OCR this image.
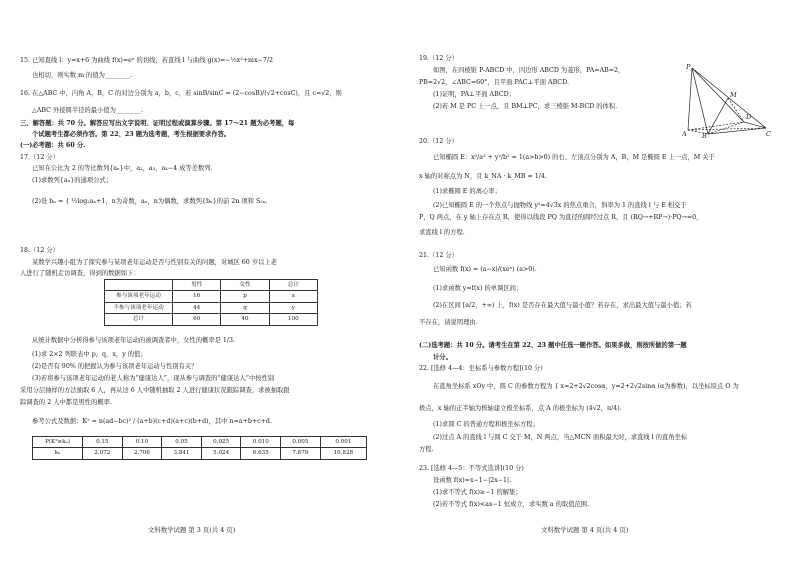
15. 已知直线 l：y=x+6 为曲线 f(x)=eˣ 的切线，若直线 l 与曲线 g(x)=−½x²+mx−7/2
也相切，则实数 m 的值为________.
16. 在△ABC 中，内角 A，B，C 的对边分别为 a，b，c，若 sinB/sinC = (2−cosB)/(√2+cosC)，且 c=√2，则
△ABC 外接圆半径的最小值为________.
三、解答题：共 70 分。解答应写出文字说明、证明过程或演算步骤。第 17～21 题为必考题，每
个试题考生都必须作答。第 22、23 题为选考题，考生根据要求作答。
(一)必考题：共 60 分.
17.（12 分）
已知在公比为 2 的等比数列{aₙ}中，a₂，a₃，a₄−4 成等差数列.
(1)求数列{aₙ}的通项公式；
(2)设 bₙ = { ½log₂aₙ+1，n为奇数，aₙ，n为偶数，求数列{bₙ}的前 2n 项和 S₂ₙ.
18.（12 分）
某数学兴趣小组为了探究参与某项老年运动是否与性别有关的问题，对城区 60 岁以上老
人进行了随机走访调查，得到的数据如下：
	男性	女性	总计
参与该项老年运动	16	p	x
不参与该项老年运动	44	q	y
总计	60	40	100
从统计数据中分析得参与该项老年运动的被调查者中，女性的概率是 1/3.
(1)求 2×2 列联表中 p，q，x，y 的值；
(2)是否有 90% 的把握认为参与该项老年运动与性别有关？
(3)若将参与该项老年运动的老人称为“健康达人”，现从参与调查的“健康达人”中按性别
采用分层抽样的方法抽取 6 人，再从这 6 人中随机抽取 2 人进行健康状况跟踪调查，求被抽取跟
踪调查的 2 人中都是男性的概率.
参考公式及数据：K² = n(ad−bc)² / (a+b)(c+d)(a+c)(b+d)，其中 n=a+b+c+d.
P(K²≥k₀)	0.15	0.10	0.05	0.025	0.010	0.005	0.001
k₀	2.072	2.706	3.841	5.024	6.635	7.879	10.828
文科数学试题 第 3 页(共 4 页)
19.（12 分）
如图，在四棱锥 P-ABCD 中，四边形 ABCD 为菱形，PA=AB=2，
PB=2√2，∠ABC=60°，且平面 PAC⊥平面 ABCD.
(1)证明，PA⊥平面 ABCD；
(2)若 M 是 PC 上一点，且 BM⊥PC，求三棱锥 M-BCD 的体积.
P
M
A
D
B	C
20.（12 分）
已知椭圆 E：x²/a² + y²/b² = 1(a>b>0) 的右、左顶点分别为 A，B，M 是椭圆 E 上一点，M 关于
x 轴的对称点为 N，且 k_NA · k_MB = 1/4.
(1)求椭圆 E 的离心率；
(2)已知椭圆 E 的一个焦点与抛物线 y²=4√3x 的焦点重合，斜率为 1 的直线 l 与 E 相交于
P，Q 两点，在 y 轴上存在点 R，使得以线段 PQ 为直径的圆经过点 R，且 (RQ→+RP→)·PQ→=0，
求直线 l 的方程.
21.（12 分）
已知函数 f(x) = (a−x)/(xeˣ) (a>0).
(1)求函数 y=f(x) 的单调区间；
(2)在区间 [a/2，+∞) 上，f(x) 是否存在最大值与最小值？若存在，求出最大值与最小值；若
不存在，请说明理由.
(二)选考题：共 10 分。请考生在第 22、23 题中任选一题作答。如果多做，则按所做的第一题
计分。
22. [选修 4—4：坐标系与参数方程](10 分)
在直角坐标系 xOy 中，圆 C 的参数方程为 { x=2+2√2cosα，y=2+2√2sinα (α为参数)，以坐标原点 O 为
极点，x 轴的正半轴为极轴建立极坐标系，点 A 的极坐标为 (4√2，π/4).
(1)求圆 C 的普通方程和极坐标方程；
(2)过点 A 的直线 l 与圆 C 交于 M，N 两点，当△MCN 面积最大时，求直线 l 的直角坐标
方程.
23. [选修 4—5：不等式选讲](10 分)
设函数 f(x)=x−1−|2x−1|.
(1)求不等式 f(x)≥−1 的解集；
(2)若不等式 f(x)<ax−1 恒成立，求实数 a 的取值范围.
文科数学试题 第 4 页(共 4 页)
